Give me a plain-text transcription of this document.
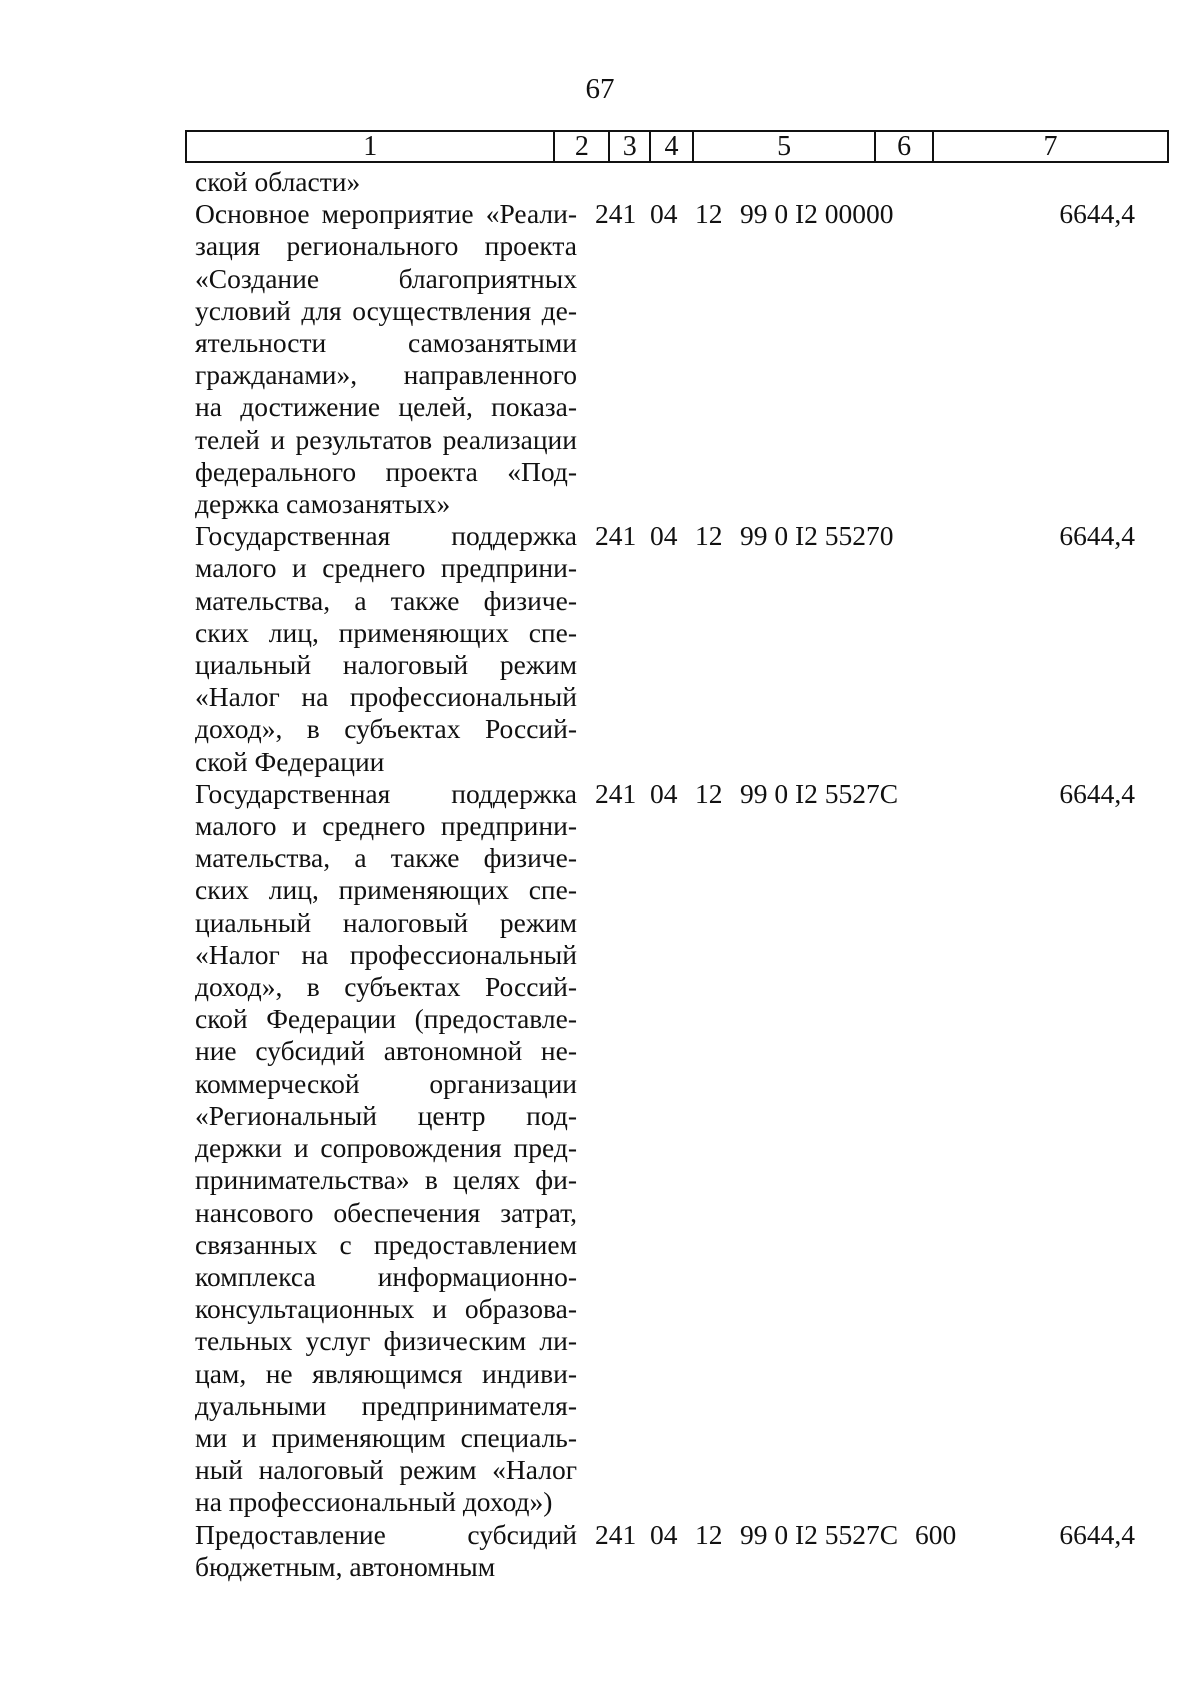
67
1	2	3 4	5	6	7
ской области»
Основное мероприятие «Реали-
зация регионального проекта
«Создание благоприятных
условий для осуществления де-
ятельности самозанятыми
гражданами», направленного
на достижение целей, показа-
телей и результатов реализации
федерального проекта «Под-
держка самозанятых»
241 04 12 99 0 I2 00000	6644,4
Государственная поддержка
малого и среднего предприни-
мательства, а также физиче-
ских лиц, применяющих спе-
циальный налоговый режим
«Налог на профессиональный
доход», в субъектах Россий-
ской Федерации
241 04 12 99 0 I2 55270	6644,4
Государственная поддержка
малого и среднего предприни-
мательства, а также физиче-
ских лиц, применяющих спе-
циальный налоговый режим
«Налог на профессиональный
доход», в субъектах Россий-
ской Федерации (предоставле-
ние субсидий автономной не-
коммерческой организации
«Региональный центр под-
держки и сопровождения пред-
принимательства» в целях фи-
нансового обеспечения затрат,
связанных с предоставлением
комплекса информационно-
консультационных и образова-
тельных услуг физическим ли-
цам, не являющимся индиви-
дуальными предпринимателя-
ми и применяющим специаль-
ный налоговый режим «Налог
на профессиональный доход»)
241 04 12 99 0 I2 5527C	6644,4
Предоставление субсидий
бюджетным, автономным
241 04 12 99 0 I2 5527C 600	6644,4
